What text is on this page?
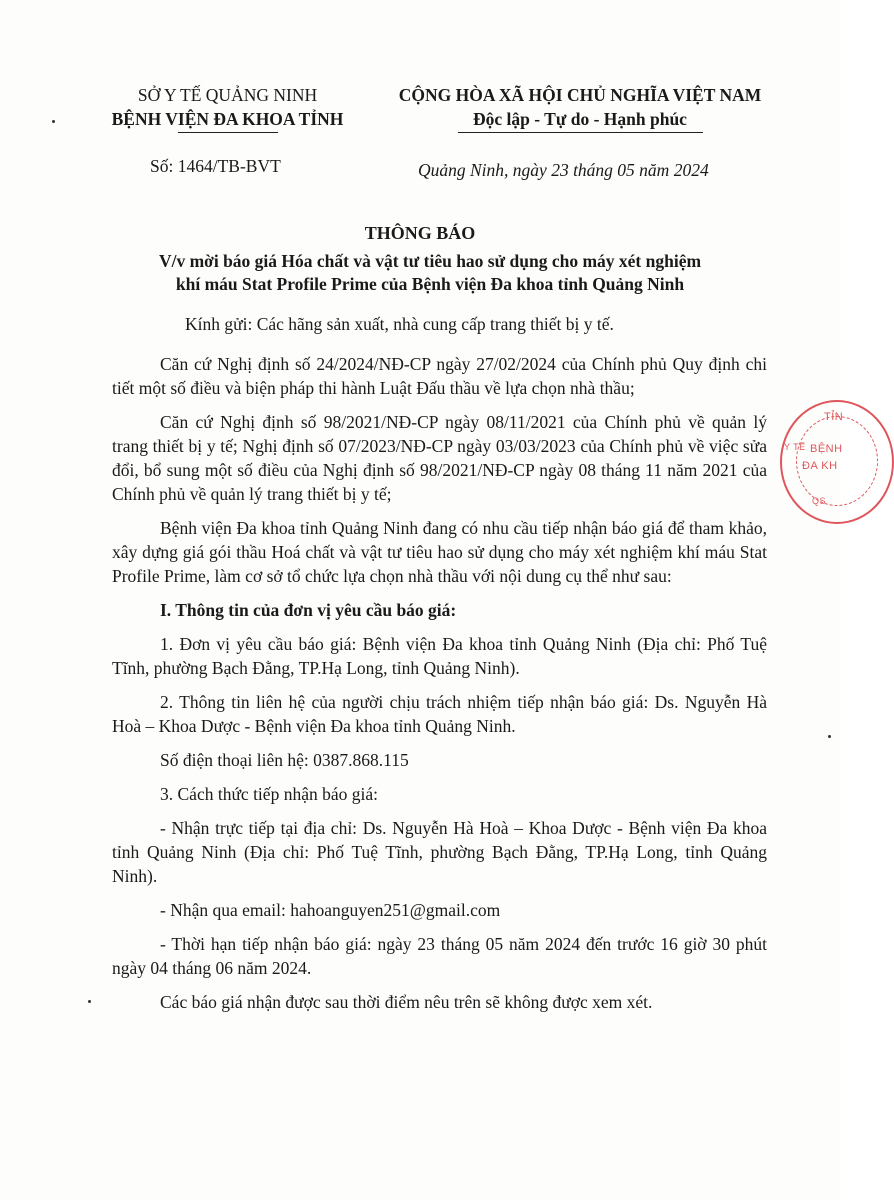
SỞ Y TẾ QUẢNG NINH
BỆNH VIỆN ĐA KHOA TỈNH
CỘNG HÒA XÃ HỘI CHỦ NGHĨA VIỆT NAM
Độc lập - Tự do - Hạnh phúc
Số: 1464/TB-BVT	Quảng Ninh, ngày 23 tháng 05 năm 2024
THÔNG BÁO
V/v mời báo giá Hóa chất và vật tư tiêu hao sử dụng cho máy xét nghiệm
khí máu Stat Profile Prime của Bệnh viện Đa khoa tỉnh Quảng Ninh
Kính gửi: Các hãng sản xuất, nhà cung cấp trang thiết bị y tế.

Căn cứ Nghị định số 24/2024/NĐ-CP ngày 27/02/2024 của Chính phủ Quy định chi tiết một số điều và biện pháp thi hành Luật Đấu thầu về lựa chọn nhà thầu;

Căn cứ Nghị định số 98/2021/NĐ-CP ngày 08/11/2021 của Chính phủ về quản lý trang thiết bị y tế; Nghị định số 07/2023/NĐ-CP ngày 03/03/2023 của Chính phủ về việc sửa đổi, bổ sung một số điều của Nghị định số 98/2021/NĐ-CP ngày 08 tháng 11 năm 2021 của Chính phủ về quản lý trang thiết bị y tế;

Bệnh viện Đa khoa tỉnh Quảng Ninh đang có nhu cầu tiếp nhận báo giá để tham khảo, xây dựng giá gói thầu Hoá chất và vật tư tiêu hao sử dụng cho máy xét nghiệm khí máu Stat Profile Prime, làm cơ sở tổ chức lựa chọn nhà thầu với nội dung cụ thể như sau:

I. Thông tin của đơn vị yêu cầu báo giá:

1. Đơn vị yêu cầu báo giá: Bệnh viện Đa khoa tỉnh Quảng Ninh (Địa chỉ: Phố Tuệ Tĩnh, phường Bạch Đằng, TP.Hạ Long, tỉnh Quảng Ninh).

2. Thông tin liên hệ của người chịu trách nhiệm tiếp nhận báo giá: Ds. Nguyễn Hà Hoà – Khoa Dược - Bệnh viện Đa khoa tỉnh Quảng Ninh.

Số điện thoại liên hệ: 0387.868.115

3. Cách thức tiếp nhận báo giá:

- Nhận trực tiếp tại địa chỉ: Ds. Nguyễn Hà Hoà – Khoa Dược - Bệnh viện Đa khoa tỉnh Quảng Ninh (Địa chỉ: Phố Tuệ Tĩnh, phường Bạch Đằng, TP.Hạ Long, tỉnh Quảng Ninh).

- Nhận qua email: hahoanguyen251@gmail.com

- Thời hạn tiếp nhận báo giá: ngày 23 tháng 05 năm 2024 đến trước 16 giờ 30 phút ngày 04 tháng 06 năm 2024.

Các báo giá nhận được sau thời điểm nêu trên sẽ không được xem xét.

TỈN
BỆNH
ĐA KH
Y TẾ
QS
